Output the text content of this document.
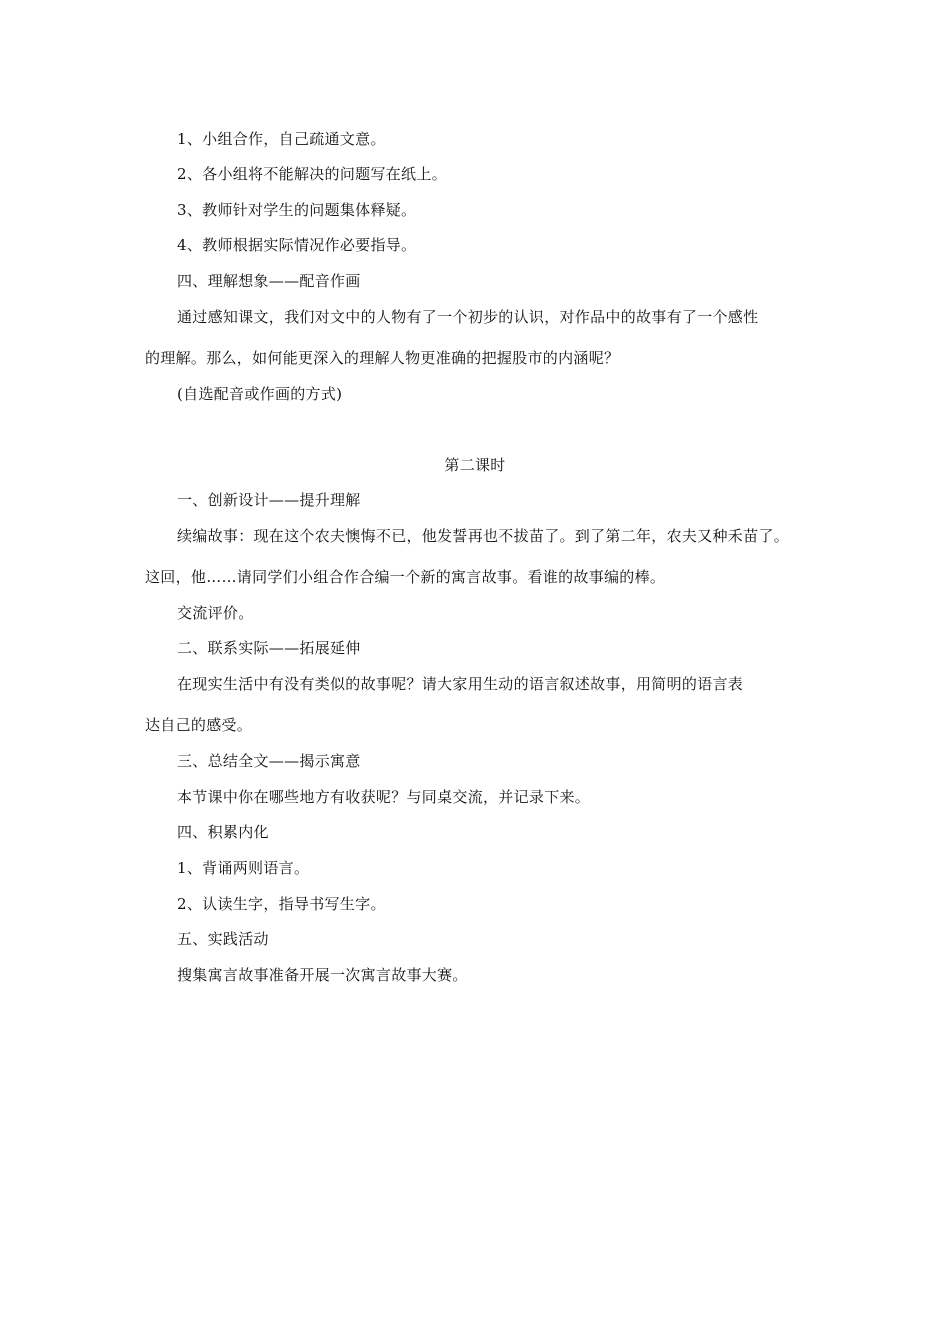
1、小组合作，自己疏通文意。
2、各小组将不能解决的问题写在纸上。
3、教师针对学生的问题集体释疑。
4、教师根据实际情况作必要指导。
四、理解想象——配音作画
通过感知课文，我们对文中的人物有了一个初步的认识，对作品中的故事有了一个感性
的理解。那么，如何能更深入的理解人物更准确的把握股市的内涵呢？
(自选配音或作画的方式)
第二课时
一、创新设计——提升理解
续编故事：现在这个农夫懊悔不已，他发誓再也不拔苗了。到了第二年，农夫又种禾苗了。
这回，他……请同学们小组合作合编一个新的寓言故事。看谁的故事编的棒。
交流评价。
二、联系实际——拓展延伸
在现实生活中有没有类似的故事呢？请大家用生动的语言叙述故事，用简明的语言表
达自己的感受。
三、总结全文——揭示寓意
本节课中你在哪些地方有收获呢？与同桌交流，并记录下来。
四、积累内化
1、背诵两则语言。
2、认读生字，指导书写生字。
五、实践活动
搜集寓言故事准备开展一次寓言故事大赛。
